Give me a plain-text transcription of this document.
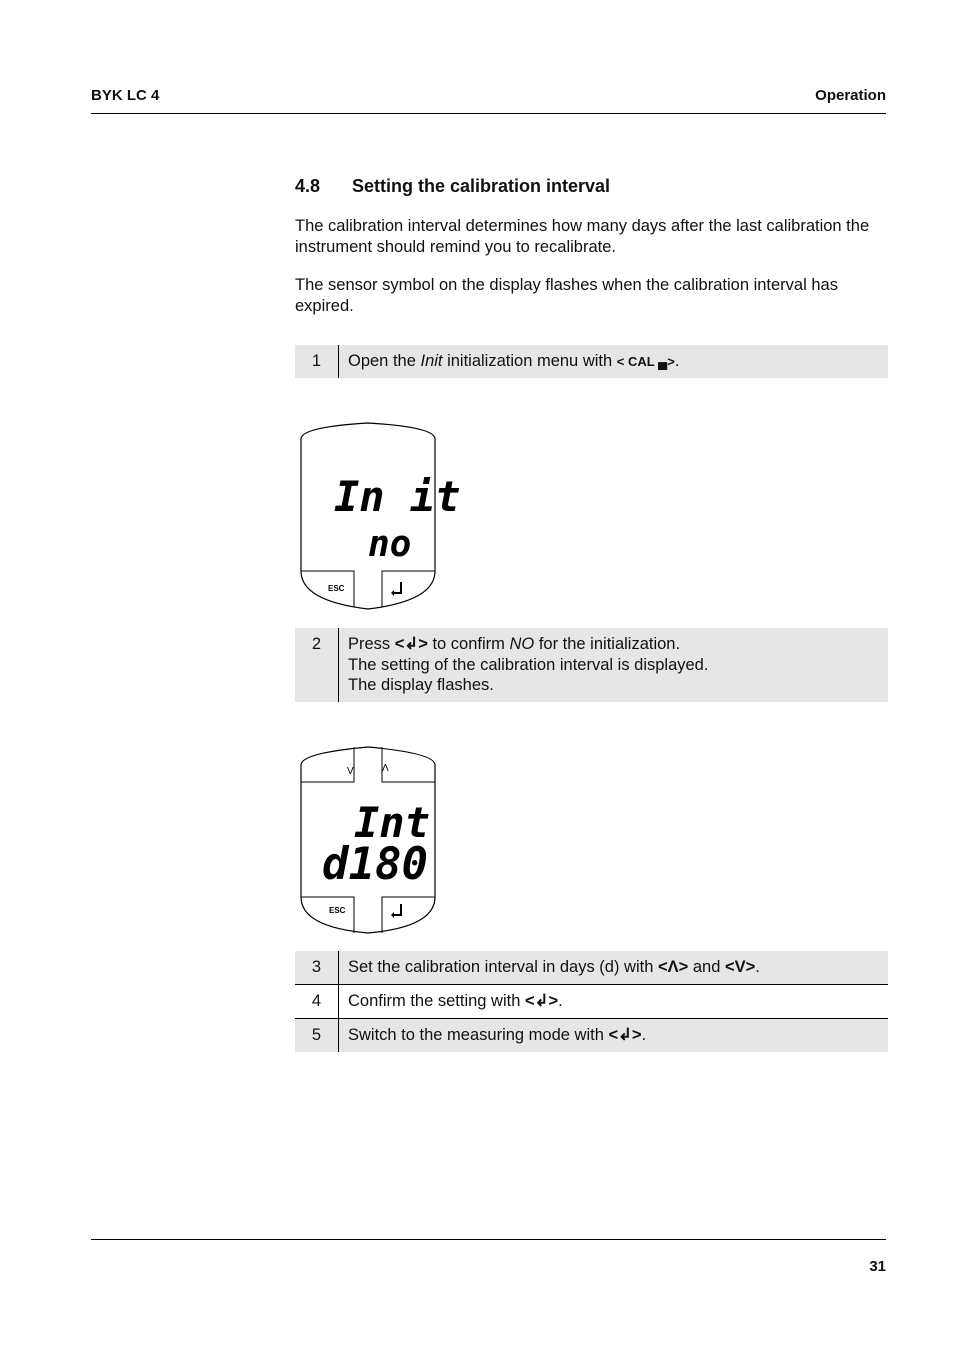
BYK LC 4	Operation
4.8 Setting the calibration interval
The calibration interval determines how many days after the last calibration the instrument should remind you to recalibrate.
The sensor symbol on the display flashes when the calibration interval has expired.
1	Open the Init initialization menu with < CAL ▄>.
In it
no
ESC
2	Press <↲> to confirm NO for the initialization.
The setting of the calibration interval is displayed.
The display flashes.
V	Λ
Int
d180
ESC
3	Set the calibration interval in days (d) with <Λ> and <V>.
4	Confirm the setting with <↲>.
5	Switch to the measuring mode with <↲>.
31
